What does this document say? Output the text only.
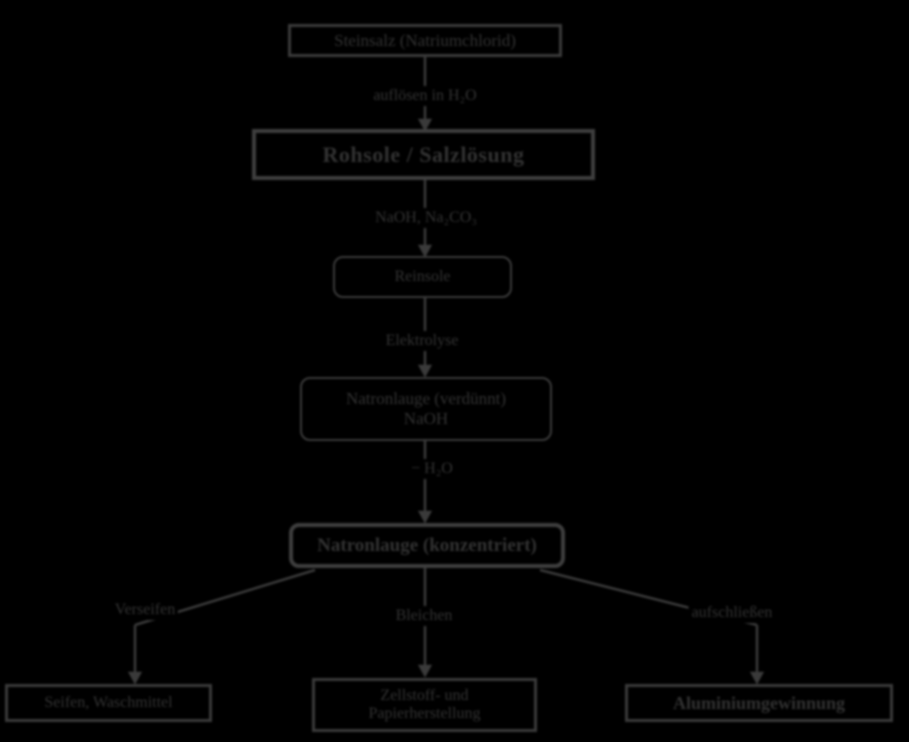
Steinsalz (Natriumchlorid)
Rohsole / Salzlösung
Reinsole
Natronlauge (verdünnt)
NaOH
Natronlauge (konzentriert)
Seifen, Waschmittel	Zellstoff- und
Papierherstellung
Aluminiumgewinnung
auflösen in H₂O
NaOH, Na₂CO₃
Elektrolyse
− H₂O
Verseifen	Bleichen	aufschließen
